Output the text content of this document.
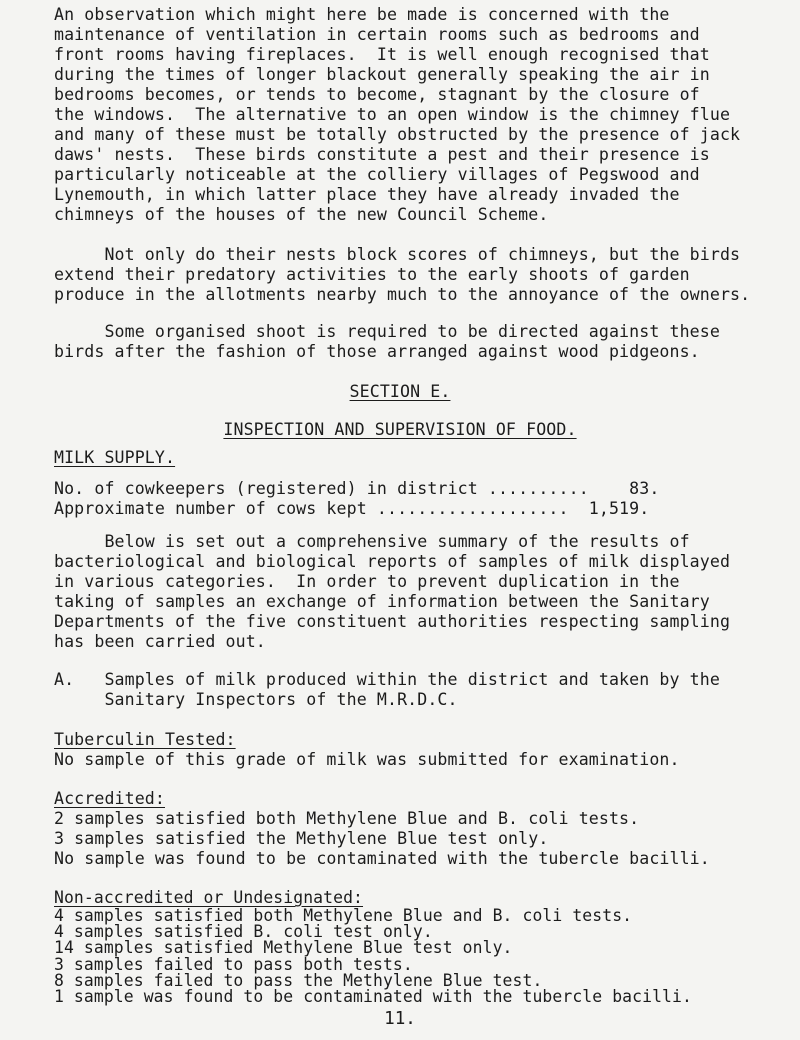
An observation which might here be made is concerned with the
maintenance of ventilation in certain rooms such as bedrooms and
front rooms having fireplaces.  It is well enough recognised that
during the times of longer blackout generally speaking the air in
bedrooms becomes, or tends to become, stagnant by the closure of
the windows.  The alternative to an open window is the chimney flue
and many of these must be totally obstructed by the presence of jack
daws' nests.  These birds constitute a pest and their presence is
particularly noticeable at the colliery villages of Pegswood and
Lynemouth, in which latter place they have already invaded the
chimneys of the houses of the new Council Scheme.
Not only do their nests block scores of chimneys, but the birds
extend their predatory activities to the early shoots of garden
produce in the allotments nearby much to the annoyance of the owners.
Some organised shoot is required to be directed against these
birds after the fashion of those arranged against wood pidgeons.
SECTION E.
INSPECTION AND SUPERVISION OF FOOD.
MILK SUPPLY.
No. of cowkeepers (registered) in district ..........    83.
Approximate number of cows kept ...................  1,519.
Below is set out a comprehensive summary of the results of
bacteriological and biological reports of samples of milk displayed
in various categories.  In order to prevent duplication in the
taking of samples an exchange of information between the Sanitary
Departments of the five constituent authorities respecting sampling
has been carried out.
A.   Samples of milk produced within the district and taken by the
Sanitary Inspectors of the M.R.D.C.
Tuberculin Tested:
No sample of this grade of milk was submitted for examination.
Accredited:
2 samples satisfied both Methylene Blue and B. coli tests.
3 samples satisfied the Methylene Blue test only.
No sample was found to be contaminated with the tubercle bacilli.
Non-accredited or Undesignated:
11.
4 samples satisfied both Methylene Blue and B. coli tests.
4 samples satisfied B. coli test only.
14 samples satisfied Methylene Blue test only.
3 samples failed to pass both tests.
8 samples failed to pass the Methylene Blue test.
1 sample was found to be contaminated with the tubercle bacilli.
